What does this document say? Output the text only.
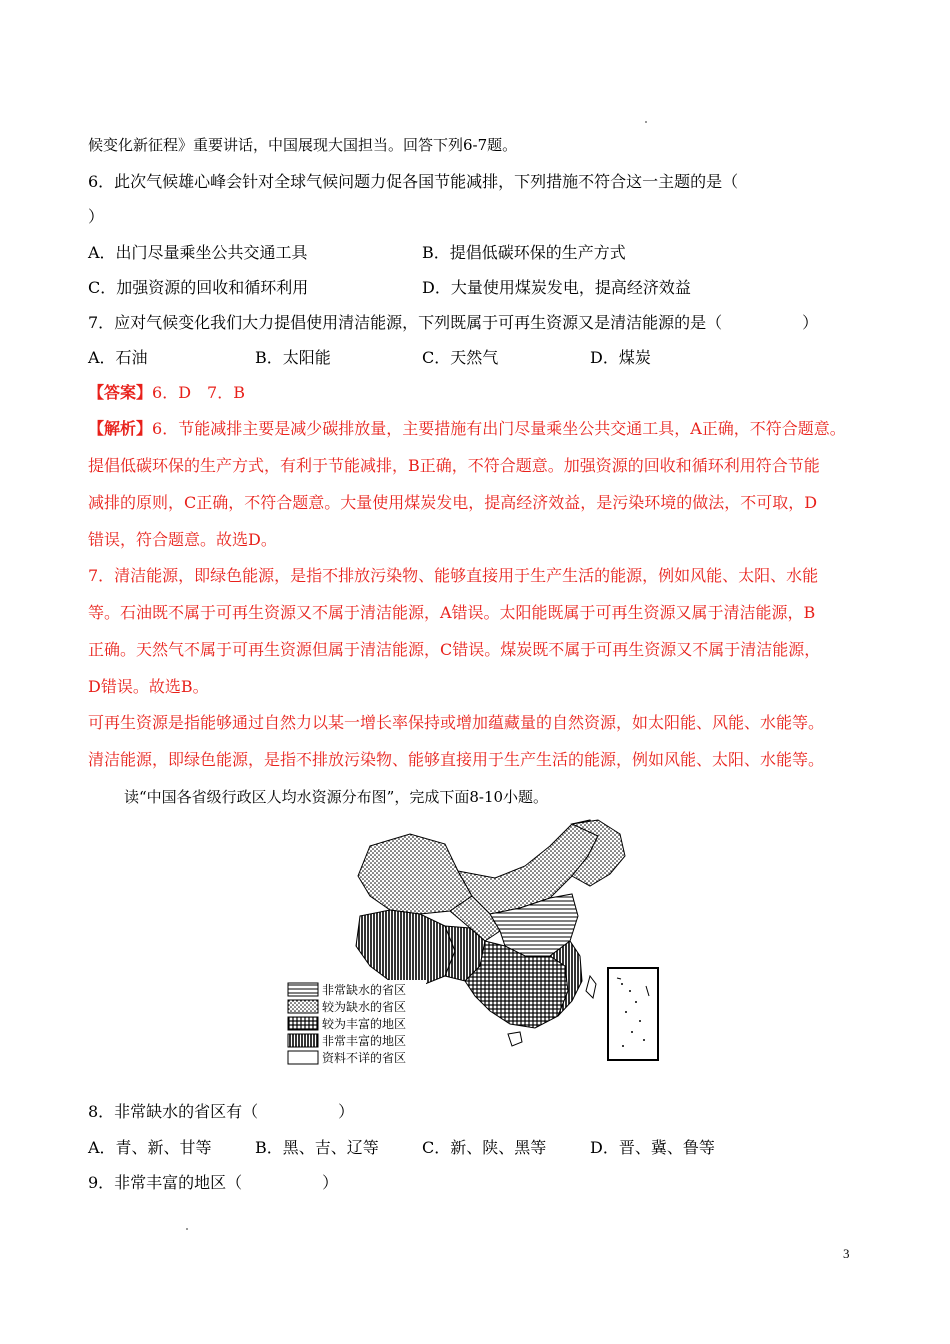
候变化新征程》重要讲话，中国展现大国担当。回答下列6-7题。
6．此次气候雄心峰会针对全球气候问题力促各国节能减排，下列措施不符合这一主题的是（
）
A．出门尽量乘坐公共交通工具	B．提倡低碳环保的生产方式
C．加强资源的回收和循环利用	D．大量使用煤炭发电，提高经济效益
7．应对气候变化我们大力提倡使用清洁能源，下列既属于可再生资源又是清洁能源的是（　　　　　）
A．石油	B．太阳能	C．天然气	D．煤炭
【答案】6．D　7．B
【解析】6．节能减排主要是减少碳排放量，主要措施有出门尽量乘坐公共交通工具，A正确，不符合题意。
提倡低碳环保的生产方式，有利于节能减排，B正确，不符合题意。加强资源的回收和循环利用符合节能
减排的原则，C正确，不符合题意。大量使用煤炭发电，提高经济效益，是污染环境的做法，不可取，D
错误，符合题意。故选D。
7．清洁能源，即绿色能源，是指不排放污染物、能够直接用于生产生活的能源，例如风能、太阳、水能
等。石油既不属于可再生资源又不属于清洁能源，A错误。太阳能既属于可再生资源又属于清洁能源，B
正确。天然气不属于可再生资源但属于清洁能源，C错误。煤炭既不属于可再生资源又不属于清洁能源，
D错误。故选B。
可再生资源是指能够通过自然力以某一增长率保持或增加蕴藏量的自然资源，如太阳能、风能、水能等。
清洁能源，即绿色能源，是指不排放污染物、能够直接用于生产生活的能源，例如风能、太阳、水能等。
读“中国各省级行政区人均水资源分布图”，完成下面8-10小题。
非常缺水的省区
较为缺水的省区
较为丰富的地区
非常丰富的地区
资料不详的省区
8．非常缺水的省区有（　　　　　）
A．青、新、甘等	B．黑、吉、辽等	C．新、陕、黑等	D．晋、冀、鲁等
9．非常丰富的地区（　　　　　）
3
